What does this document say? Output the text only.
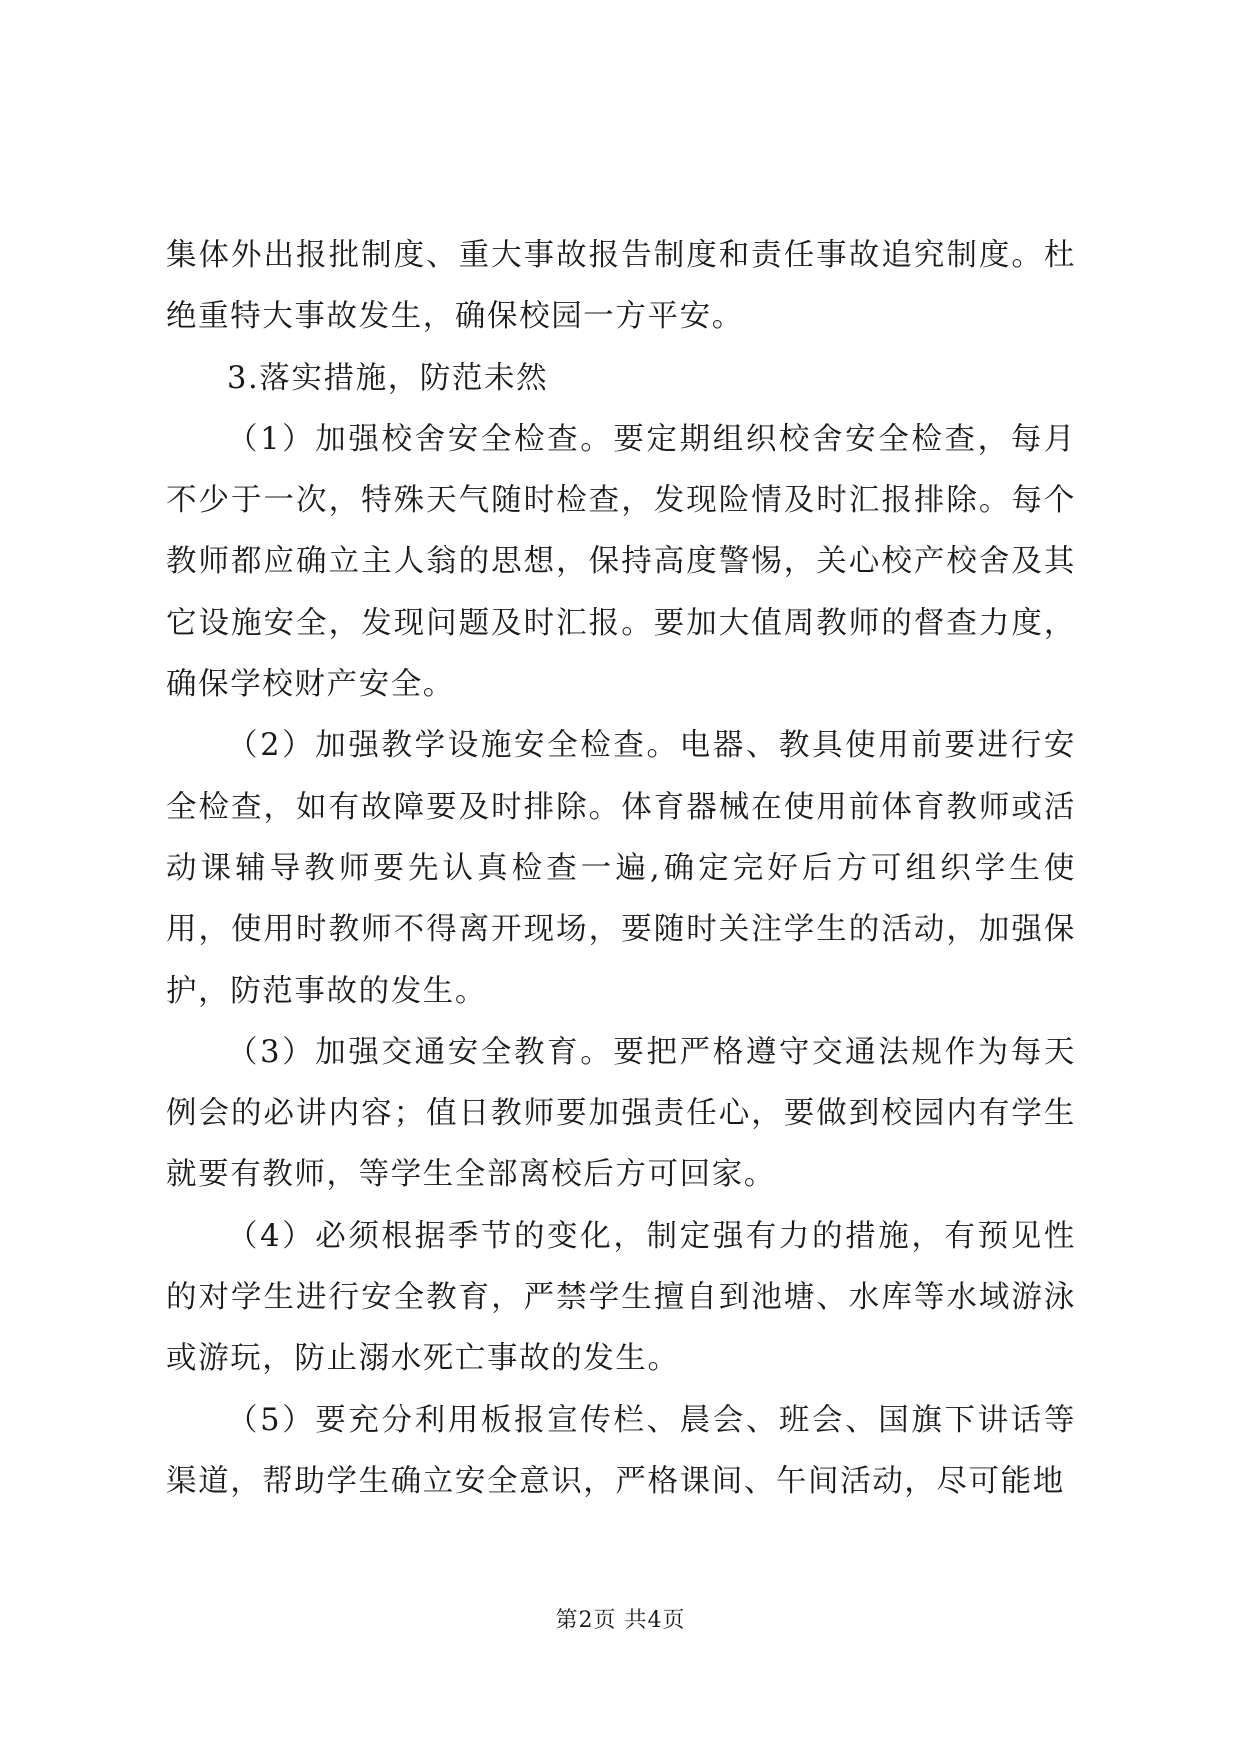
集体外出报批制度、重大事故报告制度和责任事故追究制度。杜绝重特大事故发生，确保校园一方平安。

3.落实措施，防范未然

（1）加强校舍安全检查。要定期组织校舍安全检查，每月不少于一次，特殊天气随时检查，发现险情及时汇报排除。每个教师都应确立主人翁的思想，保持高度警惕，关心校产校舍及其它设施安全，发现问题及时汇报。要加大值周教师的督查力度，确保学校财产安全。

（2）加强教学设施安全检查。电器、教具使用前要进行安全检查，如有故障要及时排除。体育器械在使用前体育教师或活动课辅导教师要先认真检查一遍,确定完好后方可组织学生使用，使用时教师不得离开现场，要随时关注学生的活动，加强保护，防范事故的发生。

（3）加强交通安全教育。要把严格遵守交通法规作为每天例会的必讲内容；值日教师要加强责任心，要做到校园内有学生就要有教师，等学生全部离校后方可回家。

（4）必须根据季节的变化，制定强有力的措施，有预见性的对学生进行安全教育，严禁学生擅自到池塘、水库等水域游泳或游玩，防止溺水死亡事故的发生。

（5）要充分利用板报宣传栏、晨会、班会、国旗下讲话等渠道，帮助学生确立安全意识，严格课间、午间活动，尽可能地

第2页 共4页
